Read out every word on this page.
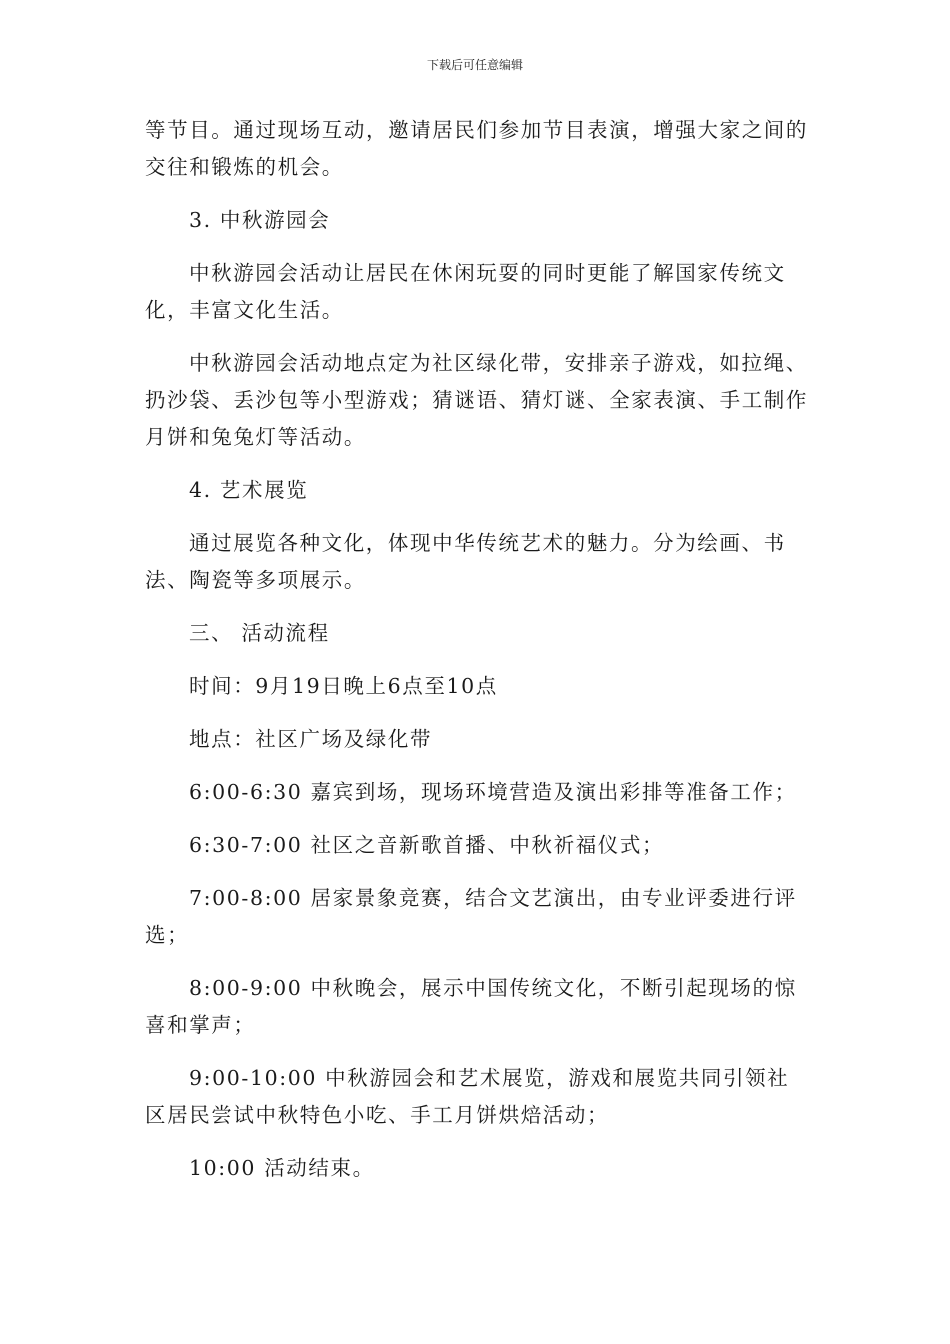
下载后可任意编辑

等节目。通过现场互动，邀请居民们参加节目表演，增强大家之间的交往和锻炼的机会。

3. 中秋游园会

中秋游园会活动让居民在休闲玩耍的同时更能了解国家传统文化，丰富文化生活。

中秋游园会活动地点定为社区绿化带，安排亲子游戏，如拉绳、扔沙袋、丢沙包等小型游戏；猜谜语、猜灯谜、全家表演、手工制作月饼和兔兔灯等活动。

4. 艺术展览

通过展览各种文化，体现中华传统艺术的魅力。分为绘画、书法、陶瓷等多项展示。

三、 活动流程

时间：9月19日晚上6点至10点

地点：社区广场及绿化带

6:00-6:30 嘉宾到场，现场环境营造及演出彩排等准备工作；

6:30-7:00 社区之音新歌首播、中秋祈福仪式；

7:00-8:00 居家景象竞赛，结合文艺演出，由专业评委进行评选；

8:00-9:00 中秋晚会，展示中国传统文化，不断引起现场的惊喜和掌声；

9:00-10:00 中秋游园会和艺术展览，游戏和展览共同引领社区居民尝试中秋特色小吃、手工月饼烘焙活动；

10:00 活动结束。
